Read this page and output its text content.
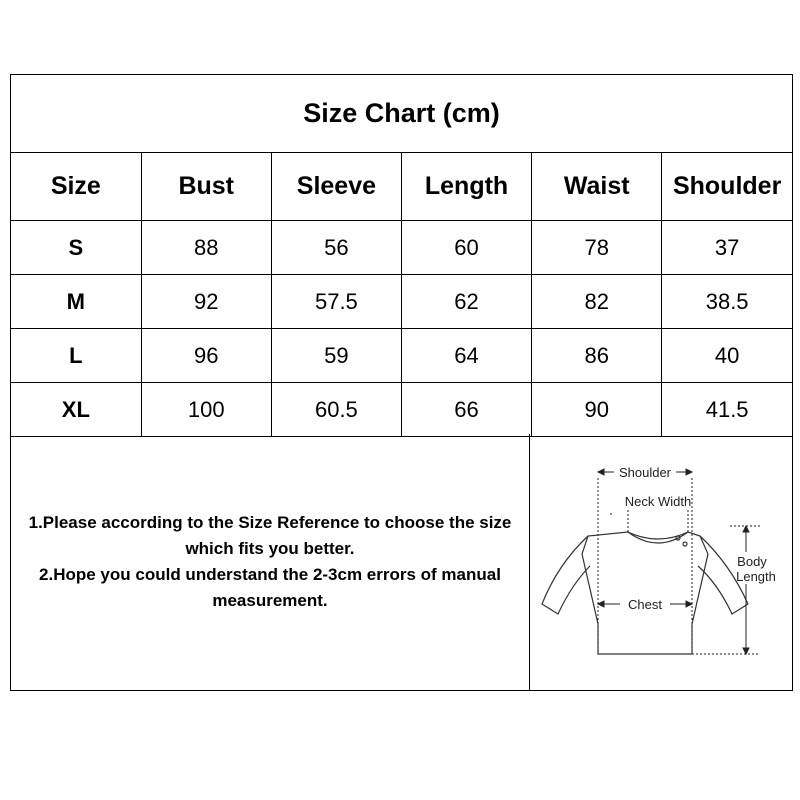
Size Chart (cm)
Size	Bust	Sleeve	Length	Waist	Shoulder
S	88	56	60	78	37
M	92	57.5	62	82	38.5
L	96	59	64	86	40
XL	100	60.5	66	90	41.5

1.Please according to the Size Reference to choose the size which fits you better.

2.Hope you could understand the 2-3cm errors of manual measurement.

Shoulder
Neck Width
Chest
Body
Length
